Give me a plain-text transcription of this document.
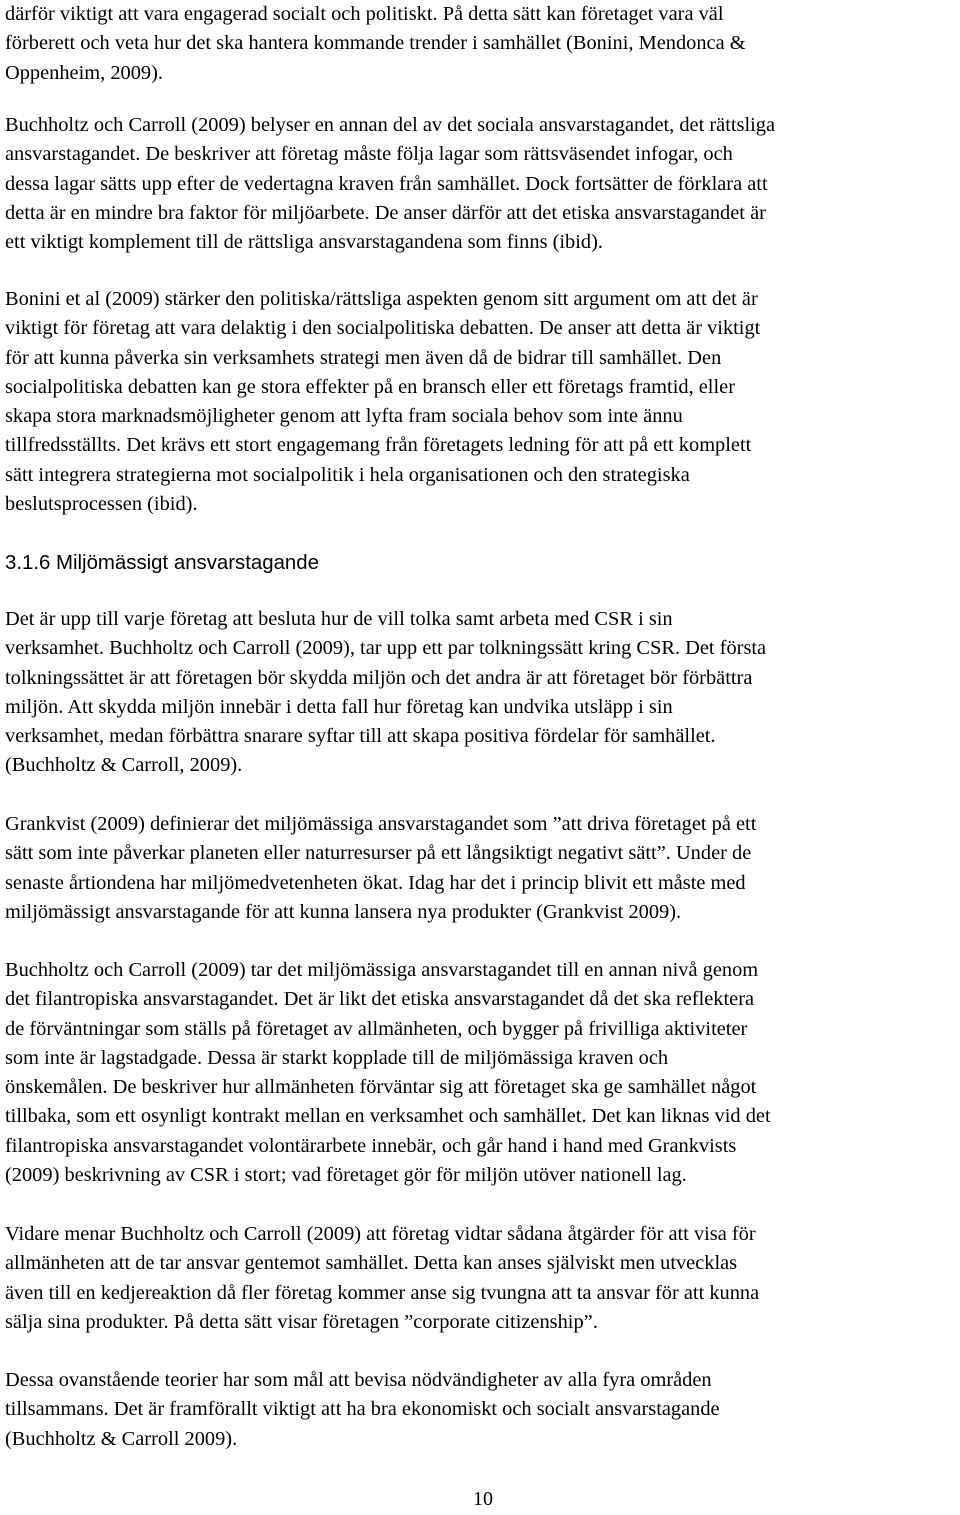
därför viktigt att vara engagerad socialt och politiskt. På detta sätt kan företaget vara väl
förberett och veta hur det ska hantera kommande trender i samhället (Bonini, Mendonca &
Oppenheim, 2009).

Buchholtz och Carroll (2009) belyser en annan del av det sociala ansvarstagandet, det rättsliga
ansvarstagandet. De beskriver att företag måste följa lagar som rättsväsendet infogar, och
dessa lagar sätts upp efter de vedertagna kraven från samhället. Dock fortsätter de förklara att
detta är en mindre bra faktor för miljöarbete. De anser därför att det etiska ansvarstagandet är
ett viktigt komplement till de rättsliga ansvarstagandena som finns (ibid).

Bonini et al (2009) stärker den politiska/rättsliga aspekten genom sitt argument om att det är
viktigt för företag att vara delaktig i den socialpolitiska debatten. De anser att detta är viktigt
för att kunna påverka sin verksamhets strategi men även då de bidrar till samhället. Den
socialpolitiska debatten kan ge stora effekter på en bransch eller ett företags framtid, eller
skapa stora marknadsmöjligheter genom att lyfta fram sociala behov som inte ännu
tillfredsställts. Det krävs ett stort engagemang från företagets ledning för att på ett komplett
sätt integrera strategierna mot socialpolitik i hela organisationen och den strategiska
beslutsprocessen (ibid).

3.1.6 Miljömässigt ansvarstagande

Det är upp till varje företag att besluta hur de vill tolka samt arbeta med CSR i sin
verksamhet. Buchholtz och Carroll (2009), tar upp ett par tolkningssätt kring CSR. Det första
tolkningssättet är att företagen bör skydda miljön och det andra är att företaget bör förbättra
miljön. Att skydda miljön innebär i detta fall hur företag kan undvika utsläpp i sin
verksamhet, medan förbättra snarare syftar till att skapa positiva fördelar för samhället.
(Buchholtz & Carroll, 2009).

Grankvist (2009) definierar det miljömässiga ansvarstagandet som ”att driva företaget på ett
sätt som inte påverkar planeten eller naturresurser på ett långsiktigt negativt sätt”. Under de
senaste årtiondena har miljömedvetenheten ökat. Idag har det i princip blivit ett måste med
miljömässigt ansvarstagande för att kunna lansera nya produkter (Grankvist 2009).

Buchholtz och Carroll (2009) tar det miljömässiga ansvarstagandet till en annan nivå genom
det filantropiska ansvarstagandet. Det är likt det etiska ansvarstagandet då det ska reflektera
de förväntningar som ställs på företaget av allmänheten, och bygger på frivilliga aktiviteter
som inte är lagstadgade. Dessa är starkt kopplade till de miljömässiga kraven och
önskemålen. De beskriver hur allmänheten förväntar sig att företaget ska ge samhället något
tillbaka, som ett osynligt kontrakt mellan en verksamhet och samhället. Det kan liknas vid det
filantropiska ansvarstagandet volontärarbete innebär, och går hand i hand med Grankvists
(2009) beskrivning av CSR i stort; vad företaget gör för miljön utöver nationell lag.

Vidare menar Buchholtz och Carroll (2009) att företag vidtar sådana åtgärder för att visa för
allmänheten att de tar ansvar gentemot samhället. Detta kan anses själviskt men utvecklas
även till en kedjereaktion då fler företag kommer anse sig tvungna att ta ansvar för att kunna
sälja sina produkter. På detta sätt visar företagen ”corporate citizenship”.

Dessa ovanstående teorier har som mål att bevisa nödvändigheter av alla fyra områden
tillsammans. Det är framförallt viktigt att ha bra ekonomiskt och socialt ansvarstagande
(Buchholtz & Carroll 2009).

10
